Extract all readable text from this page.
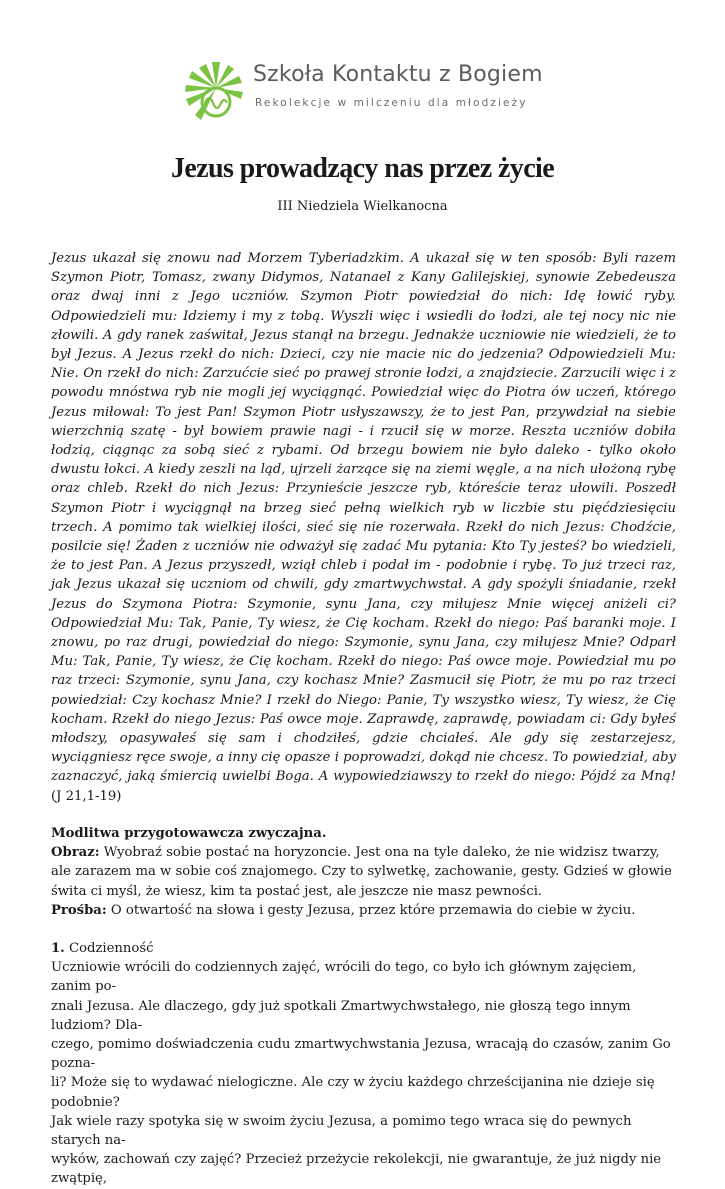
Szkoła Kontaktu z Bogiem
Rekolekcje w milczeniu dla młodzieży
Jezus prowadzący nas przez życie
III Niedziela Wielkanocna

Jezus ukazał się znowu nad Morzem Tyberiadzkim. A ukazał się w ten sposób: Byli razem Szymon Piotr, Tomasz, zwany Didymos, Natanael z Kany Galilejskiej, synowie Zebedeusza oraz dwaj inni z Jego uczniów. Szymon Piotr powiedział do nich: Idę łowić ryby. Odpowiedzieli mu: Idziemy i my z tobą. Wyszli więc i wsiedli do łodzi, ale tej nocy nic nie złowili. A gdy ranek zaświtał, Jezus stanął na brzegu. Jednakże uczniowie nie wiedzieli, że to był Jezus. A Jezus rzekł do nich: Dzieci, czy nie macie nic do jedzenia? Odpowiedzieli Mu: Nie. On rzekł do nich: Zarzućcie sieć po prawej stronie łodzi, a znajdziecie. Zarzucili więc i z powodu mnóstwa ryb nie mogli jej wyciągnąć. Powiedział więc do Piotra ów uczeń, którego Jezus miłował: To jest Pan! Szymon Piotr usłyszawszy, że to jest Pan, przywdział na siebie wierzchnią szatę - był bowiem prawie nagi - i rzucił się w morze. Reszta uczniów dobiła łodzią, ciągnąc za sobą sieć z rybami. Od brzegu bowiem nie było daleko - tylko około dwustu łokci. A kiedy zeszli na ląd, ujrzeli żarzące się na ziemi węgle, a na nich ułożoną rybę oraz chleb. Rzekł do nich Jezus: Przynieście jeszcze ryb, któreście teraz ułowili. Poszedł Szymon Piotr i wyciągnął na brzeg sieć pełną wielkich ryb w liczbie stu pięćdziesięciu trzech. A pomimo tak wielkiej ilości, sieć się nie rozerwała. Rzekł do nich Jezus: Chodźcie, posilcie się! Żaden z uczniów nie odważył się zadać Mu pytania: Kto Ty jesteś? bo wiedzieli, że to jest Pan. A Jezus przyszedł, wziął chleb i podał im - podobnie i rybę. To już trzeci raz, jak Jezus ukazał się uczniom od chwili, gdy zmartwychwstał. A gdy spożyli śniadanie, rzekł Jezus do Szymona Piotra: Szymonie, synu Jana, czy miłujesz Mnie więcej aniżeli ci? Odpowiedział Mu: Tak, Panie, Ty wiesz, że Cię kocham. Rzekł do niego: Paś baranki moje. I znowu, po raz drugi, powiedział do niego: Szymonie, synu Jana, czy miłujesz Mnie? Odparł Mu: Tak, Panie, Ty wiesz, że Cię kocham. Rzekł do niego: Paś owce moje. Powiedział mu po raz trzeci: Szymonie, synu Jana, czy kochasz Mnie? Zasmucił się Piotr, że mu po raz trzeci powiedział: Czy kochasz Mnie? I rzekł do Niego: Panie, Ty wszystko wiesz, Ty wiesz, że Cię kocham. Rzekł do niego Jezus: Paś owce moje. Zaprawdę, zaprawdę, powiadam ci: Gdy byłeś młodszy, opasywałeś się sam i chodziłeś, gdzie chciałeś. Ale gdy się zestarzejesz, wyciągniesz ręce swoje, a inny cię opasze i poprowadzi, dokąd nie chcesz. To powiedział, aby zaznaczyć, jaką śmiercią uwielbi Boga. A wypowiedziawszy to rzekł do niego: Pójdź za Mną! (J 21,1-19)

Modlitwa przygotowawcza zwyczajna.

Obraz: Wyobraź sobie postać na horyzoncie. Jest ona na tyle daleko, że nie widzisz twarzy, ale zarazem ma w sobie coś znajomego. Czy to sylwetkę, zachowanie, gesty. Gdzieś w głowie świta ci myśl, że wiesz, kim ta postać jest, ale jeszcze nie masz pewności.

Prośba: O otwartość na słowa i gesty Jezusa, przez które przemawia do ciebie w życiu.

1. Codzienność

Uczniowie wrócili do codziennych zajęć, wrócili do tego, co było ich głównym zajęciem, zanim po-
znali Jezusa. Ale dlaczego, gdy już spotkali Zmartwychwstałego, nie głoszą tego innym ludziom? Dla-
czego, pomimo doświadczenia cudu zmartwychwstania Jezusa, wracają do czasów, zanim Go pozna-
li? Może się to wydawać nielogiczne. Ale czy w życiu każdego chrześcijanina nie dzieje się podobnie?
Jak wiele razy spotyka się w swoim życiu Jezusa, a pomimo tego wraca się do pewnych starych na-
wyków, zachowań czy zajęć? Przecież przeżycie rekolekcji, nie gwarantuje, że już nigdy nie zwątpię,
